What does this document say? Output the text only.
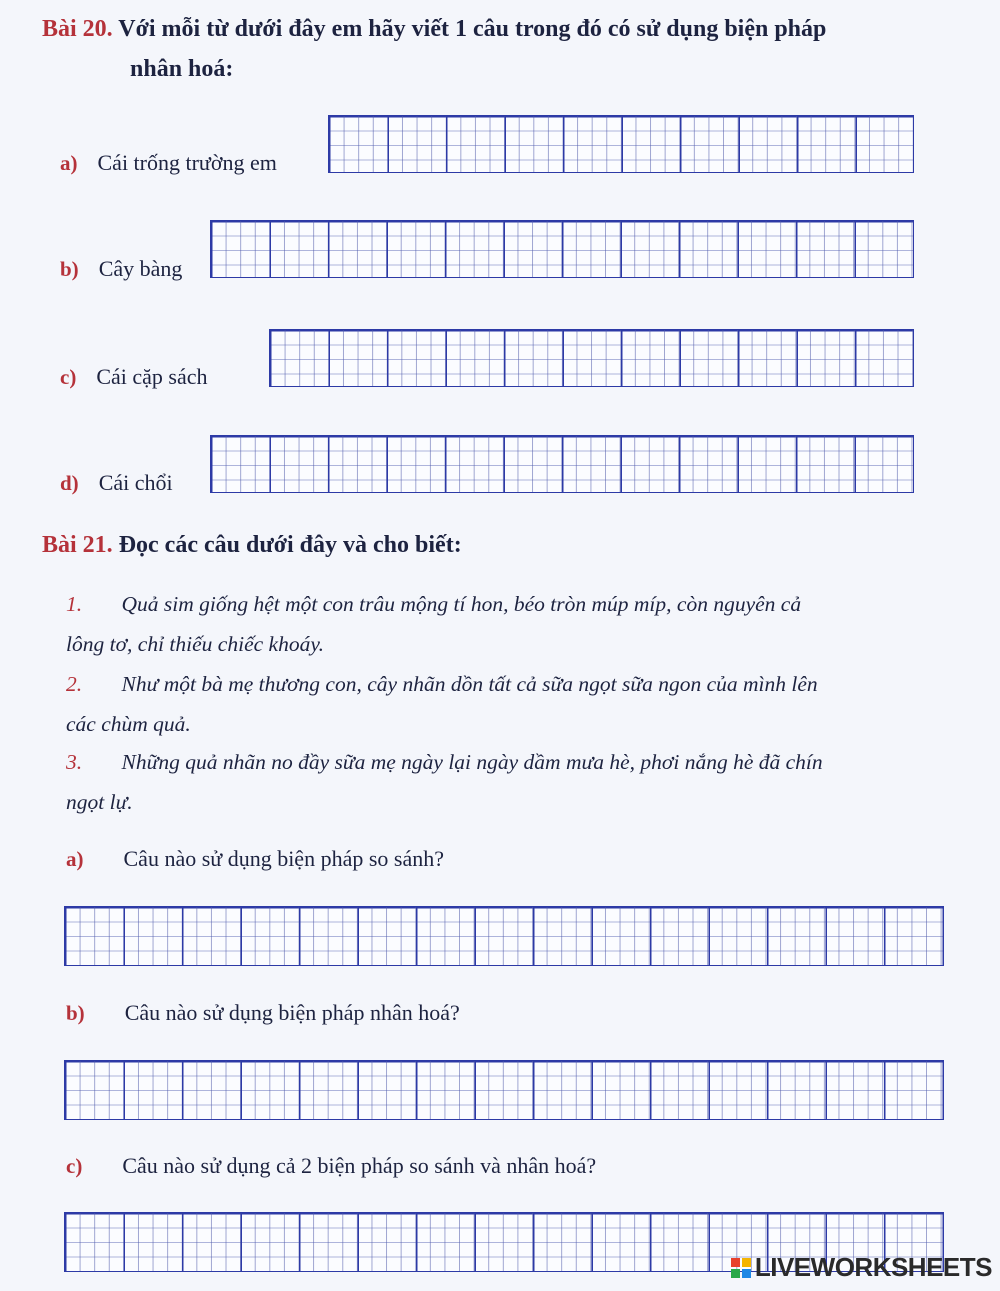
Bài 20. Với mỗi từ dưới đây em hãy viết 1 câu trong đó có sử dụng biện pháp
nhân hoá:
a) Cái trống trường em
b) Cây bàng
c) Cái cặp sách
d) Cái chổi
Bài 21. Đọc các câu dưới đây và cho biết:
1. Quả sim giống hệt một con trâu mộng tí hon, béo tròn múp míp, còn nguyên cả
lông tơ, chỉ thiếu chiếc khoáy.
2. Như một bà mẹ thương con, cây nhãn dồn tất cả sữa ngọt sữa ngon của mình lên
các chùm quả.
3. Những quả nhãn no đầy sữa mẹ ngày lại ngày dầm mưa hè, phơi nắng hè đã chín
ngọt lự.
a) Câu nào sử dụng biện pháp so sánh?
b) Câu nào sử dụng biện pháp nhân hoá?
c) Câu nào sử dụng cả 2 biện pháp so sánh và nhân hoá?
LIVEWORKSHEETS
